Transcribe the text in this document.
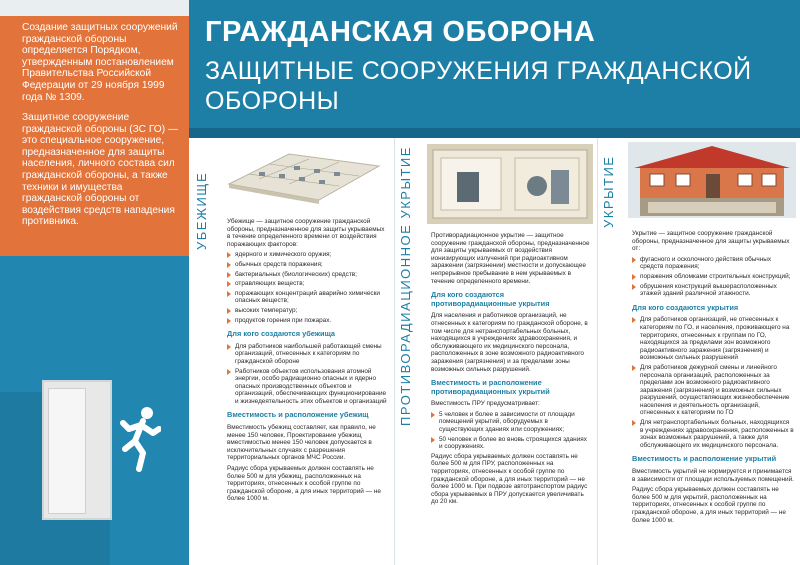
Создание защитных сооружений гражданской обороны определяется Порядком, утвержденным постановлением Правительства Российской Федерации от 29 ноября 1999 года № 1309.

Защитное сооружение гражданской обороны (ЗС ГО) — это специальное сооружение, предназначенное для защиты населения, личного состава сил гражданской обороны, а также техники и имущества гражданской обороны от воздействия средств нападения противника.

ГРАЖДАНСКАЯ ОБОРОНА
ЗАЩИТНЫЕ СООРУЖЕНИЯ ГРАЖДАНСКОЙ ОБОРОНЫ
УБЕЖИЩЕ	Убежище — защитное сооружение гражданской обороны, предназначенное для защиты укрываемых в течение определенного времени от воздействия поражающих факторов:

ядерного и химического оружия;
обычных средств поражения;
бактериальных (биологических) средств;
отравляющих веществ;
поражающих концентраций аварийно химически опасных веществ;
высоких температур;
продуктов горения при пожарах.
Для кого создаются убежища
Для работников наибольшей работающей смены организаций, отнесенных к категориям по гражданской обороне
Работников объектов использования атомной энергии, особо радиационно опасных и ядерно опасных производственных объектов и организаций, обеспечивающих функционирование и жизнедеятельность этих объектов и организаций
Вместимость и расположение убежищ

Вместимость убежищ составляет, как правило, не менее 150 человек. Проектирование убежищ вместимостью менее 150 человек допускается в исключительных случаях с разрешения территориальных органов МЧС России.

Радиус сбора укрываемых должен составлять не более 500 м для убежищ, расположенных на территориях, отнесенных к особой группе по гражданской обороне, а для иных территорий — не более 1000 м.

ПРОТИВОРАДИАЦИОННОЕ УКРЫТИЕ	Противорадиационное укрытие — защитное сооружение гражданской обороны, предназначенное для защиты укрываемых от воздействия ионизирующих излучений при радиоактивном заражении (загрязнении) местности и допускающее непрерывное пребывание в нем укрываемых в течение определенного времени.

Для кого создаются противорадиационные укрытия

Для населения и работников организаций, не отнесенных к категориям по гражданской обороне, в том числе для нетранспортабельных больных, находящихся в учреждениях здравоохранения, и обслуживающего их медицинского персонала, расположенных в зоне возможного радиоактивного заражения (загрязнения) и за пределами зоны возможных сильных разрушений.

Вместимость и расположение противорадиационных укрытий

Вместимость ПРУ предусматривает:

5 человек и более в зависимости от площади помещений укрытий, оборудуемых в существующих зданиях или сооружениях;
50 человек и более во вновь строящихся зданиях и сооружениях.

Радиус сбора укрываемых должен составлять не более 500 м для ПРУ, расположенных на территориях, отнесенных к особой группе по гражданской обороне, а для иных территорий — не более 1000 м. При подвозе автотранспортом радиус сбора укрываемых в ПРУ допускается увеличивать до 20 км.

УКРЫТИЕ

Укрытие — защитное сооружение гражданской обороны, предназначенное для защиты укрываемых от:

фугасного и осколочного действия обычных средств поражения;
поражения обломками строительных конструкций;
обрушения конструкций вышерасположенных этажей зданий различной этажности.
Для кого создаются укрытия
Для работников организаций, не отнесенных к категориям по ГО, и населения, проживающего на территориях, отнесенных к группам по ГО, находящихся за пределами зон возможного радиоактивного заражения (загрязнения) и возможных сильных разрушений
Для работников дежурной смены и линейного персонала организаций, расположенных за пределами зон возможного радиоактивного заражения (загрязнения) и возможных сильных разрушений, осуществляющих жизнеобеспечение населения и деятельность организаций, отнесенных к категориям по ГО
Для нетранспортабельных больных, находящихся в учреждениях здравоохранения, расположенных в зонах возможных разрушений, а также для обслуживающего их медицинского персонала.
Вместимость и расположение укрытий

Вместимость укрытий не нормируется и принимается в зависимости от площади используемых помещений.

Радиус сбора укрываемых должен составлять не более 500 м для укрытий, расположенных на территориях, отнесенных к особой группе по гражданской обороне, а для иных территорий — не более 1000 м.
